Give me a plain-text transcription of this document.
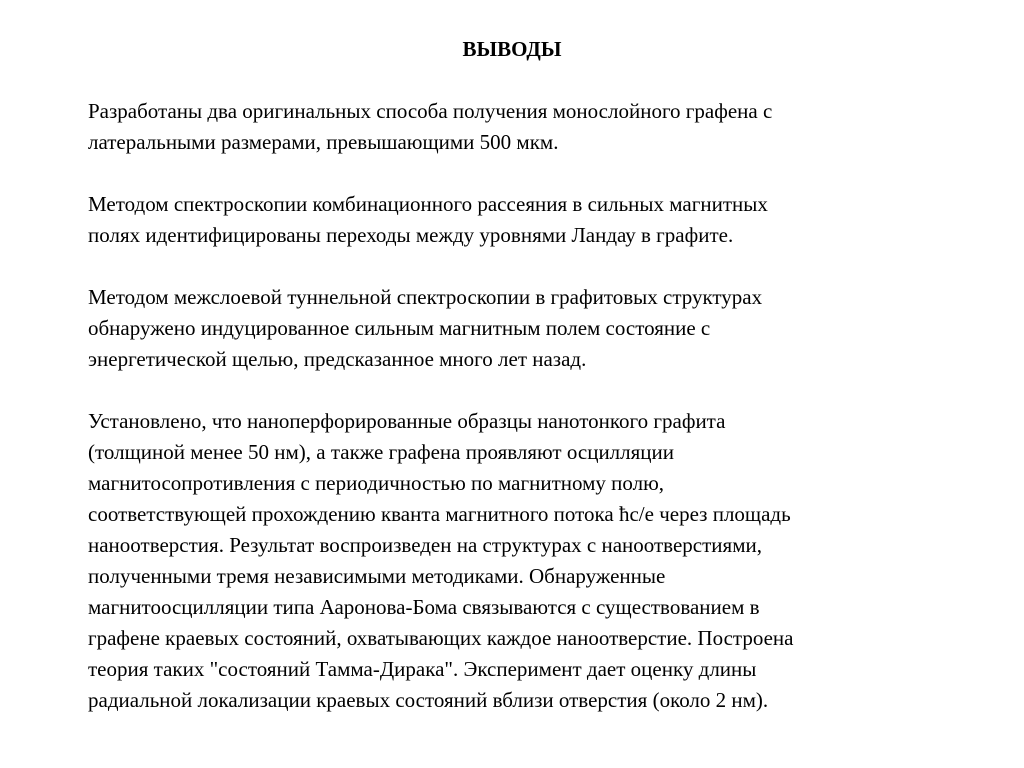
ВЫВОДЫ

Разработаны два оригинальных способа получения монослойного графена с
латеральными размерами, превышающими 500 мкм.

Методом спектроскопии комбинационного рассеяния в сильных магнитных
полях идентифицированы переходы между уровнями Ландау в графите.

Методом межслоевой туннельной спектроскопии в графитовых структурах
обнаружено индуцированное сильным магнитным полем состояние с
энергетической щелью, предсказанное много лет назад.

Установлено, что наноперфорированные образцы нанотонкого графита
(толщиной менее 50 нм), а также графена проявляют осцилляции
магнитосопротивления с периодичностью по магнитному полю,
соответствующей прохождению кванта магнитного потока ħc/e через площадь
наноотверстия. Результат воспроизведен на структурах с наноотверстиями,
полученными тремя независимыми методиками. Обнаруженные
магнитоосцилляции типа Ааронова-Бома связываются с существованием в
графене краевых состояний, охватывающих каждое наноотверстие. Построена
теория таких "состояний Тамма-Дирака". Эксперимент дает оценку длины
радиальной локализации краевых состояний вблизи отверстия (около 2 нм).
